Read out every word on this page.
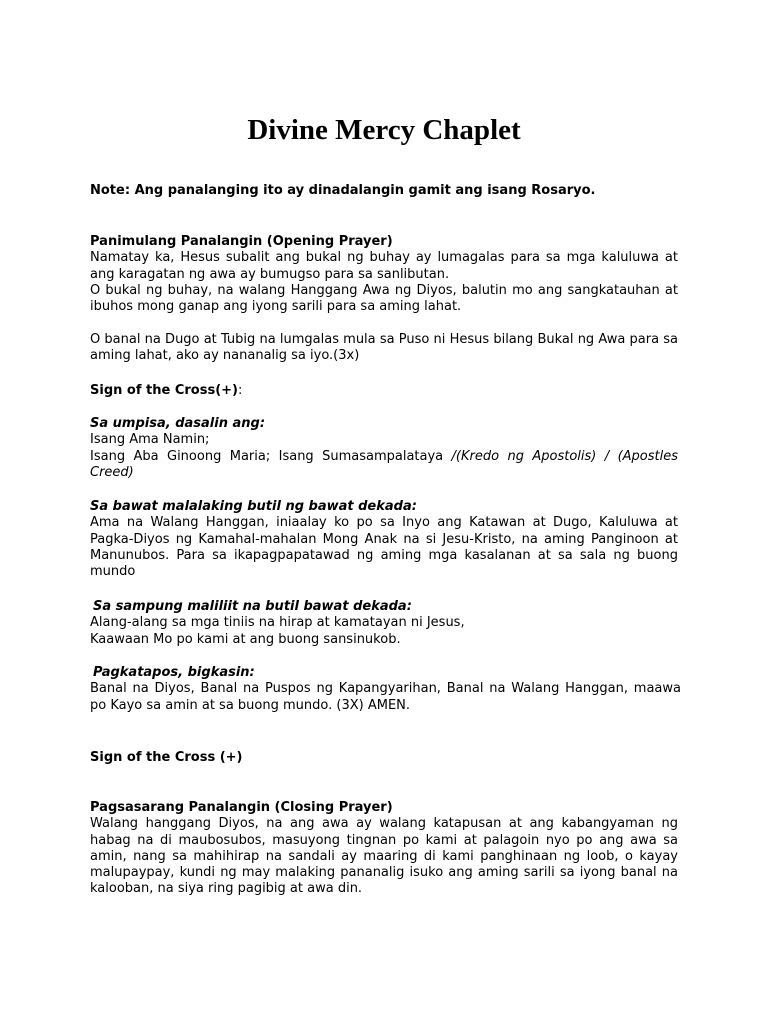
Divine Mercy Chaplet

Note: Ang panalanging ito ay dinadalangin gamit ang isang Rosaryo.

Panimulang Panalangin (Opening Prayer)
Namatay ka, Hesus subalit ang bukal ng buhay ay lumagalas para sa mga kaluluwa at ang karagatan ng awa ay bumugso para sa sanlibutan.
O bukal ng buhay, na walang Hanggang Awa ng Diyos, balutin mo ang sangkatauhan at ibuhos mong ganap ang iyong sarili para sa aming lahat.

O banal na Dugo at Tubig na lumgalas mula sa Puso ni Hesus bilang Bukal ng Awa para sa aming lahat, ako ay nananalig sa iyo.(3x)

Sign of the Cross(+):

Sa umpisa, dasalin ang:
Isang Ama Namin;
Isang Aba Ginoong Maria; Isang Sumasampalataya /(Kredo ng Apostolis) / (Apostles Creed)
Sa bawat malalaking butil ng bawat dekada:
Ama na Walang Hanggan, iniaalay ko po sa Inyo ang Katawan at Dugo, Kaluluwa at Pagka-Diyos ng Kamahal-mahalan Mong Anak na si Jesu-Kristo, na aming Panginoon at Manunubos. Para sa ikapagpapatawad ng aming mga kasalanan at sa sala ng buong mundo
Sa sampung maliliit na butil bawat dekada:
Alang-alang sa mga tiniis na hirap at kamatayan ni Jesus,
Kaawaan Mo po kami at ang buong sansinukob.
Pagkatapos, bigkasin:
Banal na Diyos, Banal na Puspos ng Kapangyarihan, Banal na Walang Hanggan, maawa po Kayo sa amin at sa buong mundo. (3X) AMEN.

Sign of the Cross (+)

Pagsasarang Panalangin (Closing Prayer)
Walang hanggang Diyos, na ang awa ay walang katapusan at ang kabangyaman ng habag na di maubosubos, masuyong tingnan po kami at palagoin nyo po ang awa sa amin, nang sa mahihirap na sandali ay maaring di kami panghinaan ng loob, o kayay malupaypay, kundi ng may malaking pananalig isuko ang aming sarili sa iyong banal na kalooban, na siya ring pagibig at awa din.
